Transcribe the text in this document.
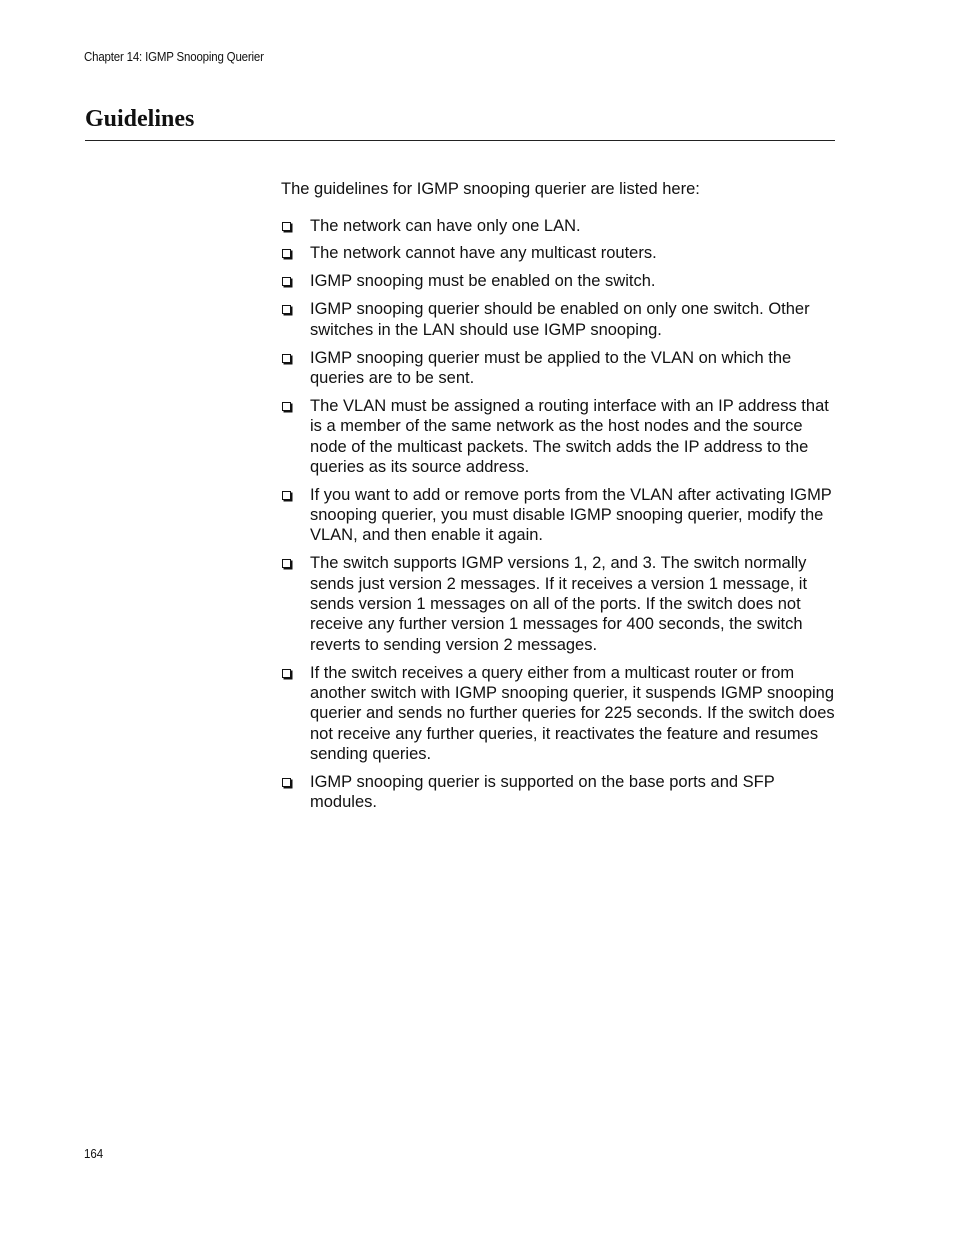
Chapter 14: IGMP Snooping Querier
Guidelines

The guidelines for IGMP snooping querier are listed here:

The network can have only one LAN.
The network cannot have any multicast routers.
IGMP snooping must be enabled on the switch.
IGMP snooping querier should be enabled on only one switch. Other switches in the LAN should use IGMP snooping.
IGMP snooping querier must be applied to the VLAN on which the queries are to be sent.
The VLAN must be assigned a routing interface with an IP address that is a member of the same network as the host nodes and the source node of the multicast packets. The switch adds the IP address to the queries as its source address.
If you want to add or remove ports from the VLAN after activating IGMP snooping querier, you must disable IGMP snooping querier, modify the VLAN, and then enable it again.
The switch supports IGMP versions 1, 2, and 3. The switch normally sends just version 2 messages. If it receives a version 1 message, it sends version 1 messages on all of the ports. If the switch does not receive any further version 1 messages for 400 seconds, the switch reverts to sending version 2 messages.
If the switch receives a query either from a multicast router or from another switch with IGMP snooping querier, it suspends IGMP snooping querier and sends no further queries for 225 seconds. If the switch does not receive any further queries, it reactivates the feature and resumes sending queries.
IGMP snooping querier is supported on the base ports and SFP modules.
164
